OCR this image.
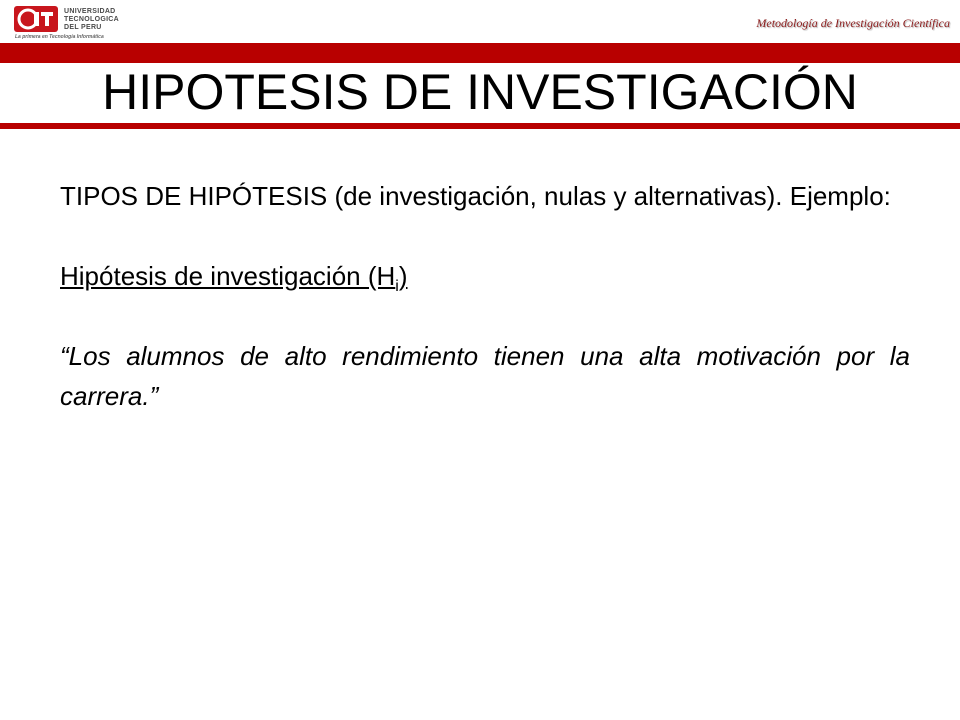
UNIVERSIDAD
TECNOLOGICA
DEL PERU
La primera en Tecnología Informática
Metodología de Investigación Científica
HIPOTESIS DE INVESTIGACIÓN

TIPOS DE HIPÓTESIS (de investigación, nulas y alternativas). Ejemplo:

Hipótesis de investigación $(H_i)$

“Los alumnos de alto rendimiento tienen una alta motivación por la carrera.”
